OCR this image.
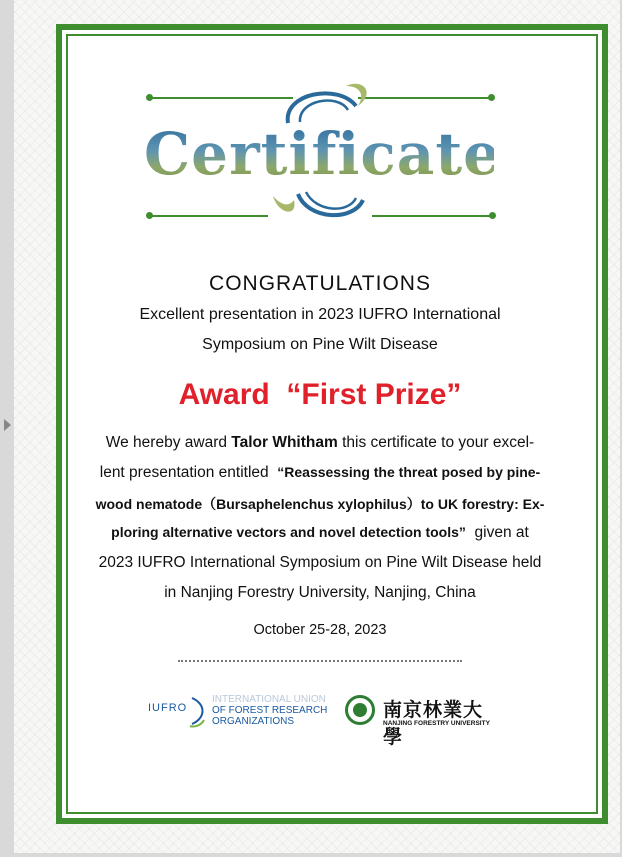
Certificate
CONGRATULATIONS
Excellent presentation in 2023 IUFRO International
Symposium on Pine Wilt Disease
Award  “First Prize”
We hereby award Talor Whitham this certificate to your excel-
lent presentation entitled  “Reassessing the threat posed by pine-
wood nematode（Bursaphelenchus xylophilus）to UK forestry: Ex-
ploring alternative vectors and novel detection tools”  given at
2023 IUFRO International Symposium on Pine Wilt Disease held
in Nanjing Forestry University, Nanjing, China
October 25-28, 2023
IUFRO
INTERNATIONAL UNION
OF FOREST RESEARCH
ORGANIZATIONS
南京林業大學
NANJING FORESTRY UNIVERSITY
